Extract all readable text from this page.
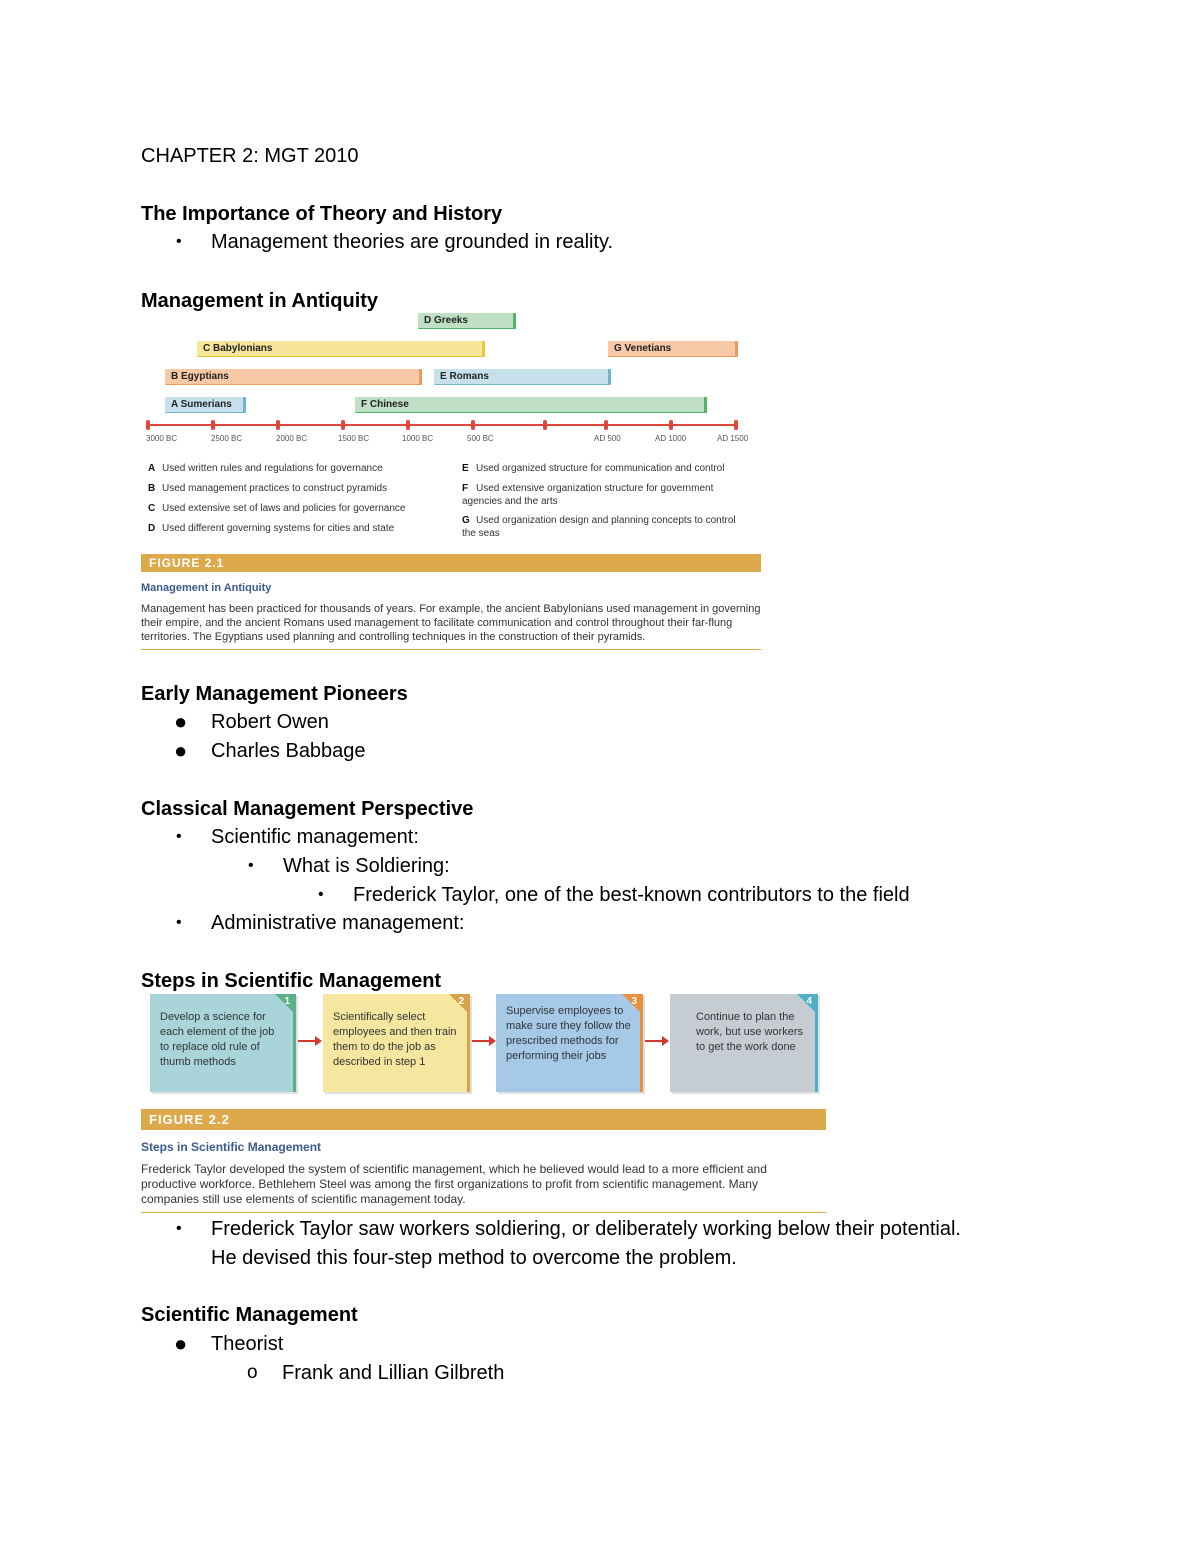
CHAPTER 2: MGT 2010
The Importance of Theory and History
• Management theories are grounded in reality.
Management in Antiquity
D Greeks
C Babylonians	G Venetians
B Egyptians	E Romans
A Sumerians	F Chinese
3000 BC	2500 BC	2000 BC	1500 BC	1000 BC	500 BC	AD 500	AD 1000	AD 1500
A Used written rules and regulations for governance
B Used management practices to construct pyramids
C Used extensive set of laws and policies for governance
D Used different governing systems for cities and state
E Used organized structure for communication and control
F Used extensive organization structure for government agencies and the arts
G Used organization design and planning concepts to control the seas
FIGURE 2.1
Management in Antiquity
Management has been practiced for thousands of years. For example, the ancient Babylonians used management in governing their empire, and the ancient Romans used management to facilitate communication and control throughout their far-flung territories. The Egyptians used planning and controlling techniques in the construction of their pyramids.
Early Management Pioneers
● Robert Owen
● Charles Babbage
Classical Management Perspective
• Scientific management:
• What is Soldiering:
• Frederick Taylor, one of the best-known contributors to the field
• Administrative management:
Steps in Scientific Management
1
Develop a science for each element of the job to replace old rule of thumb methods
2
Scientifically select employees and then train them to do the job as described in step 1
3
Supervise employees to make sure they follow the prescribed methods for performing their jobs
4
Continue to plan the work, but use workers to get the work done
FIGURE 2.2
Steps in Scientific Management
Frederick Taylor developed the system of scientific management, which he believed would lead to a more efficient and productive workforce. Bethlehem Steel was among the first organizations to profit from scientific management. Many companies still use elements of scientific management today.
• Frederick Taylor saw workers soldiering, or deliberately working below their potential.
He devised this four-step method to overcome the problem.
Scientific Management
● Theorist
o Frank and Lillian Gilbreth
